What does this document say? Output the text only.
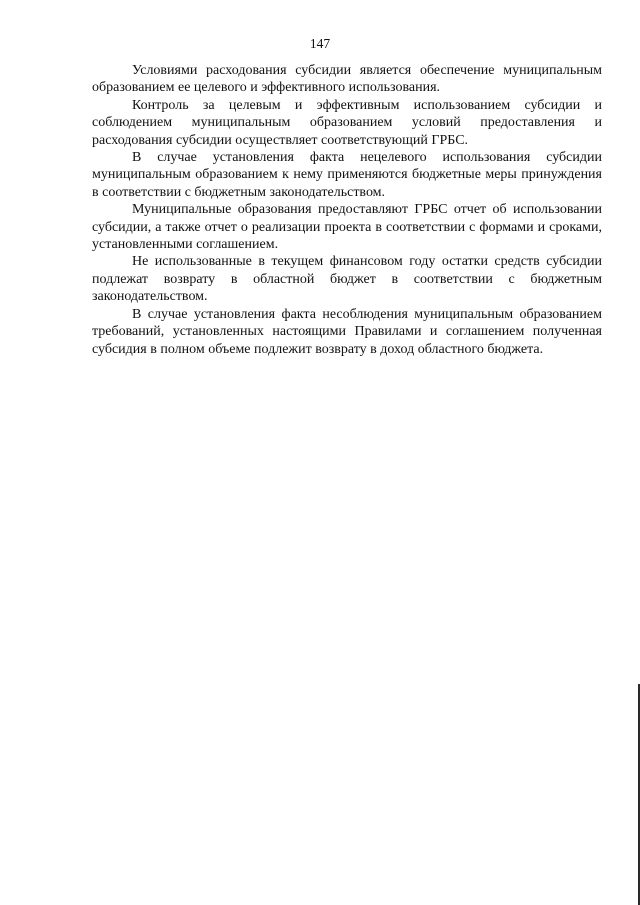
147

Условиями расходования субсидии является обеспечение муниципальным образованием ее целевого и эффективного использования.

Контроль за целевым и эффективным использованием субсидии и соблюдением муниципальным образованием условий предоставления и расходования субсидии осуществляет соответствующий ГРБС.

В случае установления факта нецелевого использования субсидии муниципальным образованием к нему применяются бюджетные меры принуждения в соответствии с бюджетным законодательством.

Муниципальные образования предоставляют ГРБС отчет об использовании субсидии, а также отчет о реализации проекта в соответствии с формами и сроками, установленными соглашением.

Не использованные в текущем финансовом году остатки средств субсидии подлежат возврату в областной бюджет в соответствии с бюджетным законодательством.

В случае установления факта несоблюдения муниципальным образованием требований, установленных настоящими Правилами и соглашением полученная субсидия в полном объеме подлежит возврату в доход областного бюджета.
